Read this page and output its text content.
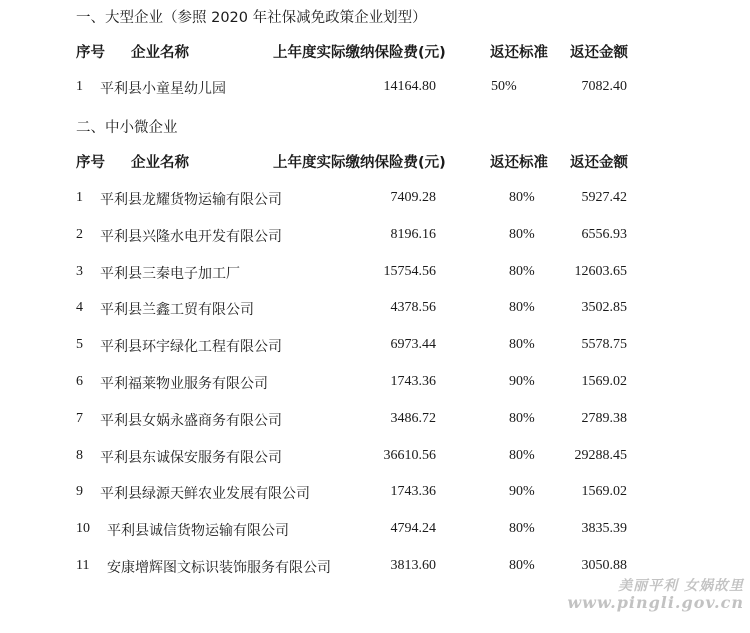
一、大型企业（参照 2020 年社保减免政策企业划型）
序号 企业名称	上年度实际缴纳保险费(元)	返还标准 返还金额
1 平利县小童星幼儿园	14164.80	50%	7082.40
二、中小微企业
序号 企业名称	上年度实际缴纳保险费(元)	返还标准 返还金额
1 平利县龙耀货物运输有限公司	7409.28	80%	5927.42
2 平利县兴隆水电开发有限公司	8196.16	80%	6556.93
3 平利县三秦电子加工厂	15754.56	80%	12603.65
4 平利县兰鑫工贸有限公司	4378.56	80%	3502.85
5 平利县环宇绿化工程有限公司	6973.44	80%	5578.75
6 平利福莱物业服务有限公司	1743.36	90%	1569.02
7 平利县女娲永盛商务有限公司	3486.72	80%	2789.38
8 平利县东诚保安服务有限公司	36610.56	80%	29288.45
9 平利县绿源天鲜农业发展有限公司	1743.36	90%	1569.02
10 平利县诚信货物运输有限公司	4794.24	80%	3835.39
11 安康增辉图文标识装饰服务有限公司	3813.60	80%	3050.88
美丽平利 女娲故里
www.pingli.gov.cn
